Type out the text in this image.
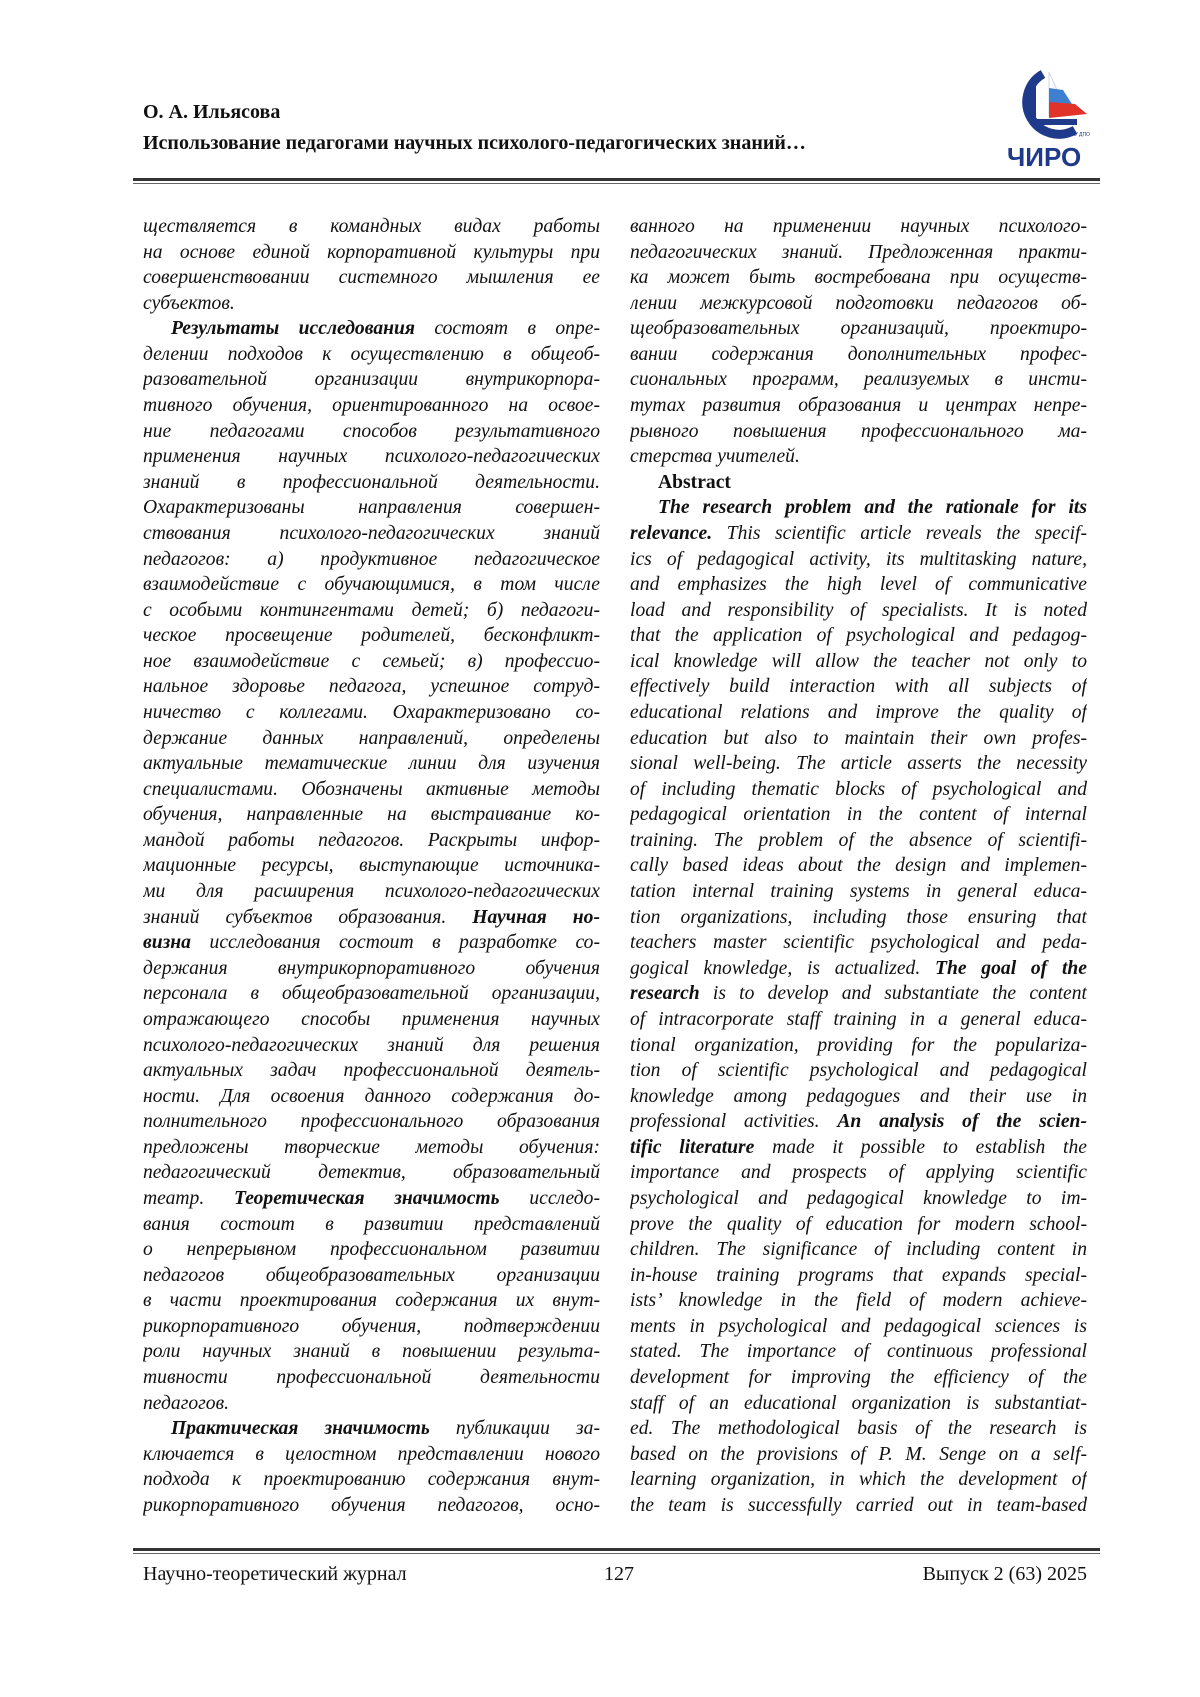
О. А. Ильясова
Использование педагогами научных психолого-педагогических знаний…	ГАУ ДПО
ЧИРО
ществляется в командных видах работы
на основе единой корпоративной культуры при
совершенствовании системного мышления ее
субъектов.
Результаты исследования состоят в опре-
делении подходов к осуществлению в общеоб-
разовательной организации внутрикорпора-
тивного обучения, ориентированного на освое-
ние педагогами способов результативного
применения научных психолого-педагогических
знаний в профессиональной деятельности.
Охарактеризованы направления совершен-
ствования психолого-педагогических знаний
педагогов: а) продуктивное педагогическое
взаимодействие с обучающимися, в том числе
с особыми контингентами детей; б) педагоги-
ческое просвещение родителей, бесконфликт-
ное взаимодействие с семьей; в) профессио-
нальное здоровье педагога, успешное сотруд-
ничество с коллегами. Охарактеризовано со-
держание данных направлений, определены
актуальные тематические линии для изучения
специалистами. Обозначены активные методы
обучения, направленные на выстраивание ко-
мандой работы педагогов. Раскрыты инфор-
мационные ресурсы, выступающие источника-
ми для расширения психолого-педагогических
знаний субъектов образования. Научная но-
визна исследования состоит в разработке со-
держания внутрикорпоративного обучения
персонала в общеобразовательной организации,
отражающего способы применения научных
психолого-педагогических знаний для решения
актуальных задач профессиональной деятель-
ности. Для освоения данного содержания до-
полнительного профессионального образования
предложены творческие методы обучения:
педагогический детектив, образовательный
театр. Теоретическая значимость исследо-
вания состоит в развитии представлений
о непрерывном профессиональном развитии
педагогов общеобразовательных организации
в части проектирования содержания их внут-
рикорпоративного обучения, подтверждении
роли научных знаний в повышении результа-
тивности профессиональной деятельности
педагогов.
Практическая значимость публикации за-
ключается в целостном представлении нового
подхода к проектированию содержания внут-
рикорпоративного обучения педагогов, осно-
ванного на применении научных психолого-
педагогических знаний. Предложенная практи-
ка может быть востребована при осуществ-
лении межкурсовой подготовки педагогов об-
щеобразовательных организаций, проектиро-
вании содержания дополнительных профес-
сиональных программ, реализуемых в инсти-
тутах развития образования и центрах непре-
рывного повышения профессионального ма-
стерства учителей.
Abstract
The research problem and the rationale for its
relevance. This scientific article reveals the specif-
ics of pedagogical activity, its multitasking nature,
and emphasizes the high level of communicative
load and responsibility of specialists. It is noted
that the application of psychological and pedagog-
ical knowledge will allow the teacher not only to
effectively build interaction with all subjects of
educational relations and improve the quality of
education but also to maintain their own profes-
sional well-being. The article asserts the necessity
of including thematic blocks of psychological and
pedagogical orientation in the content of internal
training. The problem of the absence of scientifi-
cally based ideas about the design and implemen-
tation internal training systems in general educa-
tion organizations, including those ensuring that
teachers master scientific psychological and peda-
gogical knowledge, is actualized. The goal of the
research is to develop and substantiate the content
of intracorporate staff training in a general educa-
tional organization, providing for the populariza-
tion of scientific psychological and pedagogical
knowledge among pedagogues and their use in
professional activities. An analysis of the scien-
tific literature made it possible to establish the
importance and prospects of applying scientific
psychological and pedagogical knowledge to im-
prove the quality of education for modern school-
children. The significance of including content in
in-house training programs that expands special-
ists’ knowledge in the field of modern achieve-
ments in psychological and pedagogical sciences is
stated. The importance of continuous professional
development for improving the efficiency of the
staff of an educational organization is substantiat-
ed. The methodological basis of the research is
based on the provisions of P. M. Senge on a self-
learning organization, in which the development of
the team is successfully carried out in team-based
Научно-теоретический журнал	127	Выпуск 2 (63) 2025
